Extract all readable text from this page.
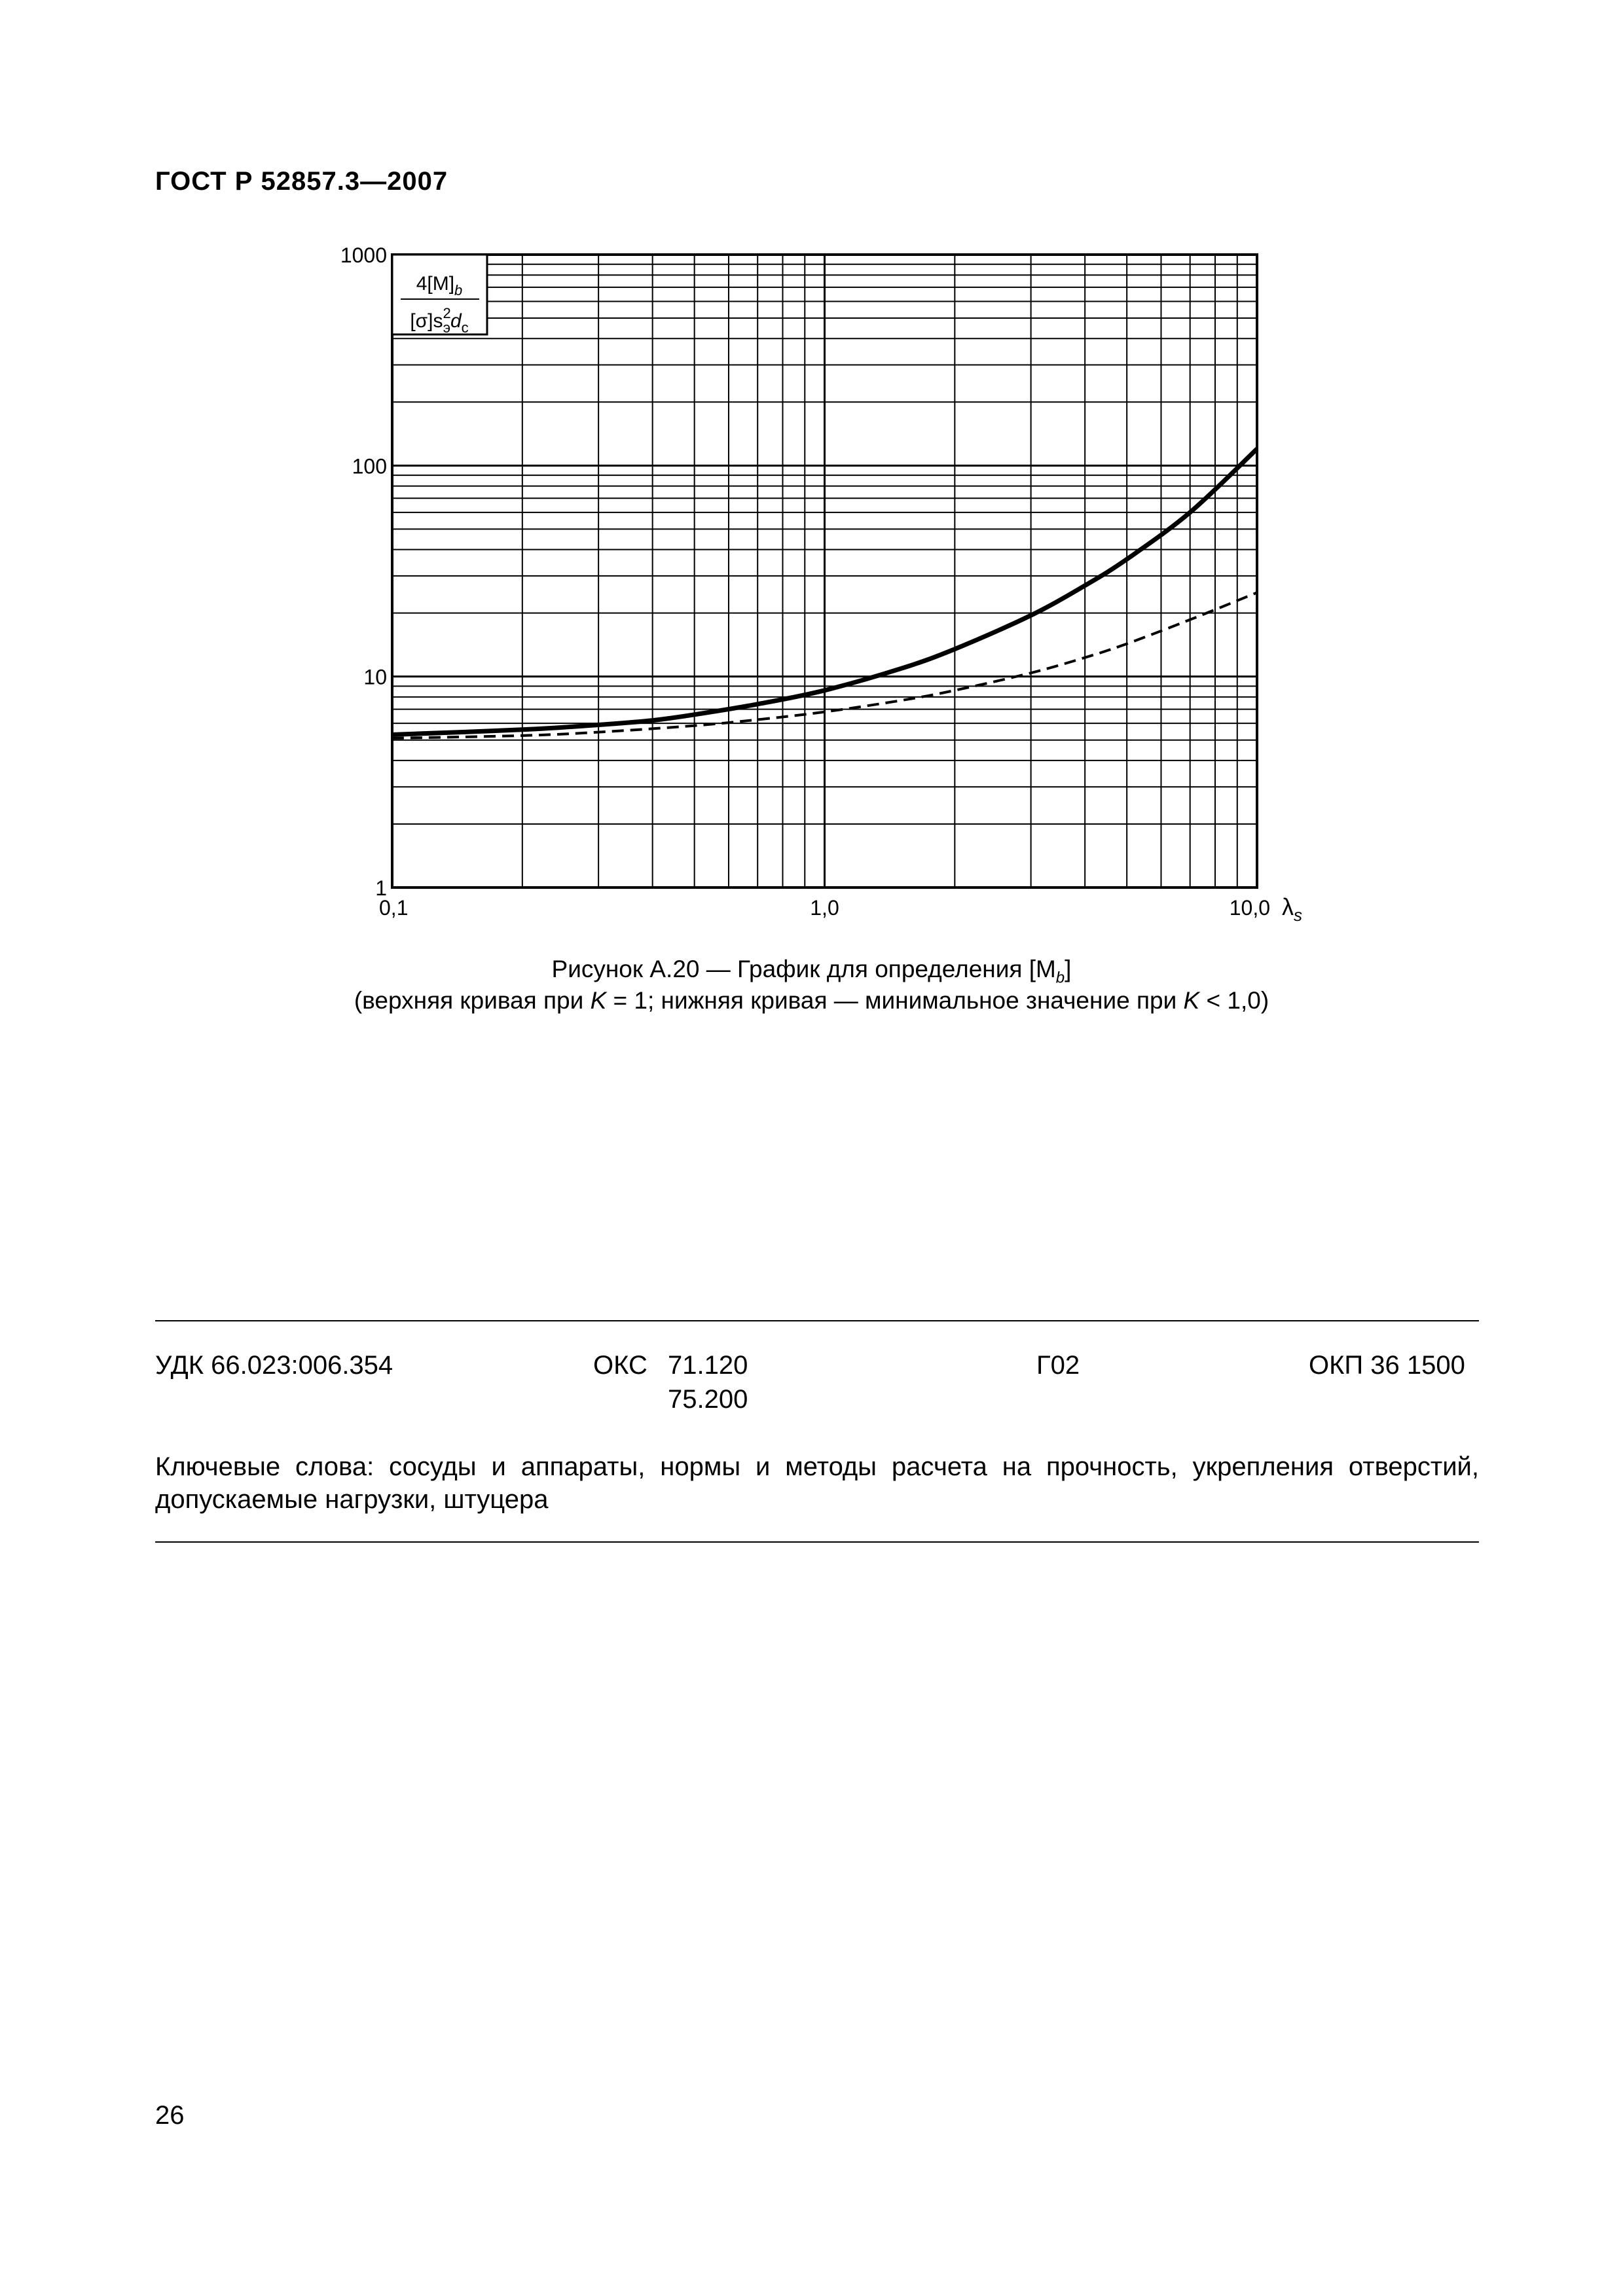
ГОСТ Р 52857.3—2007
1
10
100
1000
0,1	1,0	10,0
$4[M]_b$
$[\sigma]s^2$ $эd_c$
$\lambda_s$
Рисунок А.20 — График для определения $[M_b]$
(верхняя кривая при K = 1; нижняя кривая — минимальное значение при K < 1,0)
УДК 66.023:006.354	ОКС 71.120
75.200
Г02	ОКП 36 1500
Ключевые слова: сосуды и аппараты, нормы и методы расчета на прочность, укрепления отверстий, допускаемые нагрузки, штуцера
26
